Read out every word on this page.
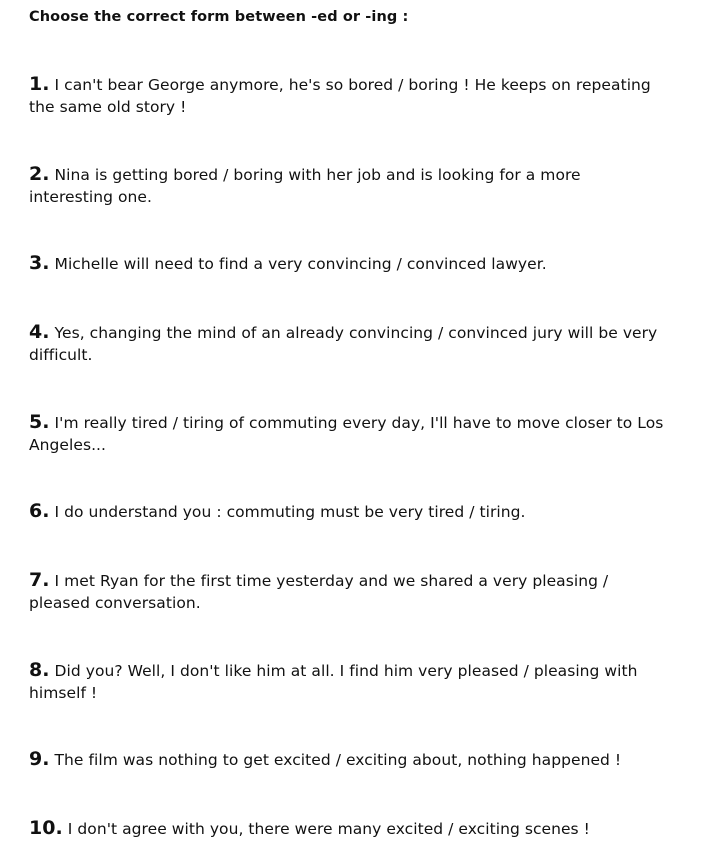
Choose the correct form between -ed or -ing :
1. I can't bear George anymore, he's so bored / boring ! He keeps on repeating the same old story !
2. Nina is getting bored / boring with her job and is looking for a more interesting one.
3. Michelle will need to find a very convincing / convinced lawyer.
4. Yes, changing the mind of an already convincing / convinced jury will be very difficult.
5. I'm really tired / tiring of commuting every day, I'll have to move closer to Los Angeles...
6. I do understand you : commuting must be very tired / tiring.
7. I met Ryan for the first time yesterday and we shared a very pleasing / pleased conversation.
8. Did you? Well, I don't like him at all. I find him very pleased / pleasing with himself !
9. The film was nothing to get excited / exciting about, nothing happened !
10. I don't agree with you, there were many excited / exciting scenes !
